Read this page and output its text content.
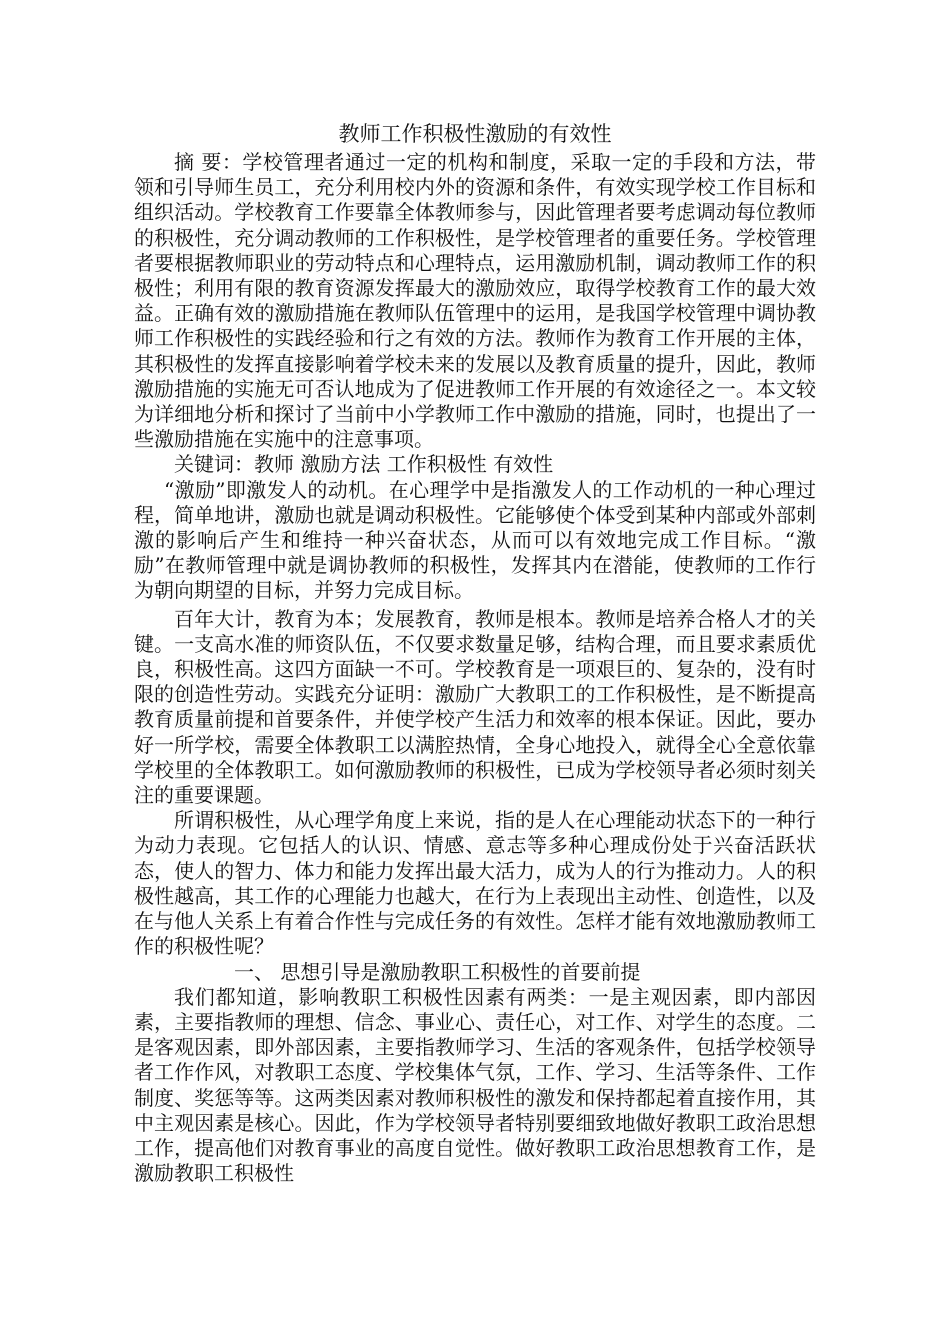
教师工作积极性激励的有效性

摘 要：学校管理者通过一定的机构和制度，采取一定的手段和方法，带领和引导师生员工，充分利用校内外的资源和条件，有效实现学校工作目标和组织活动。学校教育工作要靠全体教师参与，因此管理者要考虑调动每位教师的积极性，充分调动教师的工作积极性，是学校管理者的重要任务。学校管理者要根据教师职业的劳动特点和心理特点，运用激励机制，调动教师工作的积极性；利用有限的教育资源发挥最大的激励效应，取得学校教育工作的最大效益。正确有效的激励措施在教师队伍管理中的运用，是我国学校管理中调协教师工作积极性的实践经验和行之有效的方法。教师作为教育工作开展的主体，其积极性的发挥直接影响着学校未来的发展以及教育质量的提升，因此，教师激励措施的实施无可否认地成为了促进教师工作开展的有效途径之一。本文较为详细地分析和探讨了当前中小学教师工作中激励的措施，同时，也提出了一些激励措施在实施中的注意事项。

关键词：教师 激励方法 工作积极性 有效性

“激励”即激发人的动机。在心理学中是指激发人的工作动机的一种心理过程，简单地讲，激励也就是调动积极性。它能够使个体受到某种内部或外部刺激的影响后产生和维持一种兴奋状态，从而可以有效地完成工作目标。“激励”在教师管理中就是调协教师的积极性，发挥其内在潜能，使教师的工作行为朝向期望的目标，并努力完成目标。

百年大计，教育为本；发展教育，教师是根本。教师是培养合格人才的关键。一支高水准的师资队伍，不仅要求数量足够，结构合理，而且要求素质优良，积极性高。这四方面缺一不可。学校教育是一项艰巨的、复杂的，没有时限的创造性劳动。实践充分证明：激励广大教职工的工作积极性，是不断提高教育质量前提和首要条件，并使学校产生活力和效率的根本保证。因此，要办好一所学校，需要全体教职工以满腔热情，全身心地投入，就得全心全意依靠学校里的全体教职工。如何激励教师的积极性，已成为学校领导者必须时刻关注的重要课题。

所谓积极性，从心理学角度上来说，指的是人在心理能动状态下的一种行为动力表现。它包括人的认识、情感、意志等多种心理成份处于兴奋活跃状态，使人的智力、体力和能力发挥出最大活力，成为人的行为推动力。人的积极性越高，其工作的心理能力也越大，在行为上表现出主动性、创造性，以及在与他人关系上有着合作性与完成任务的有效性。怎样才能有效地激励教师工作的积极性呢？

一、 思想引导是激励教职工积极性的首要前提

我们都知道，影响教职工积极性因素有两类：一是主观因素，即内部因素，主要指教师的理想、信念、事业心、责任心，对工作、对学生的态度。二是客观因素，即外部因素，主要指教师学习、生活的客观条件，包括学校领导者工作作风，对教职工态度、学校集体气氛，工作、学习、生活等条件、工作制度、奖惩等等。这两类因素对教师积极性的激发和保持都起着直接作用，其中主观因素是核心。因此，作为学校领导者特别要细致地做好教职工政治思想工作，提高他们对教育事业的高度自觉性。做好教职工政治思想教育工作，是激励教职工积极性
